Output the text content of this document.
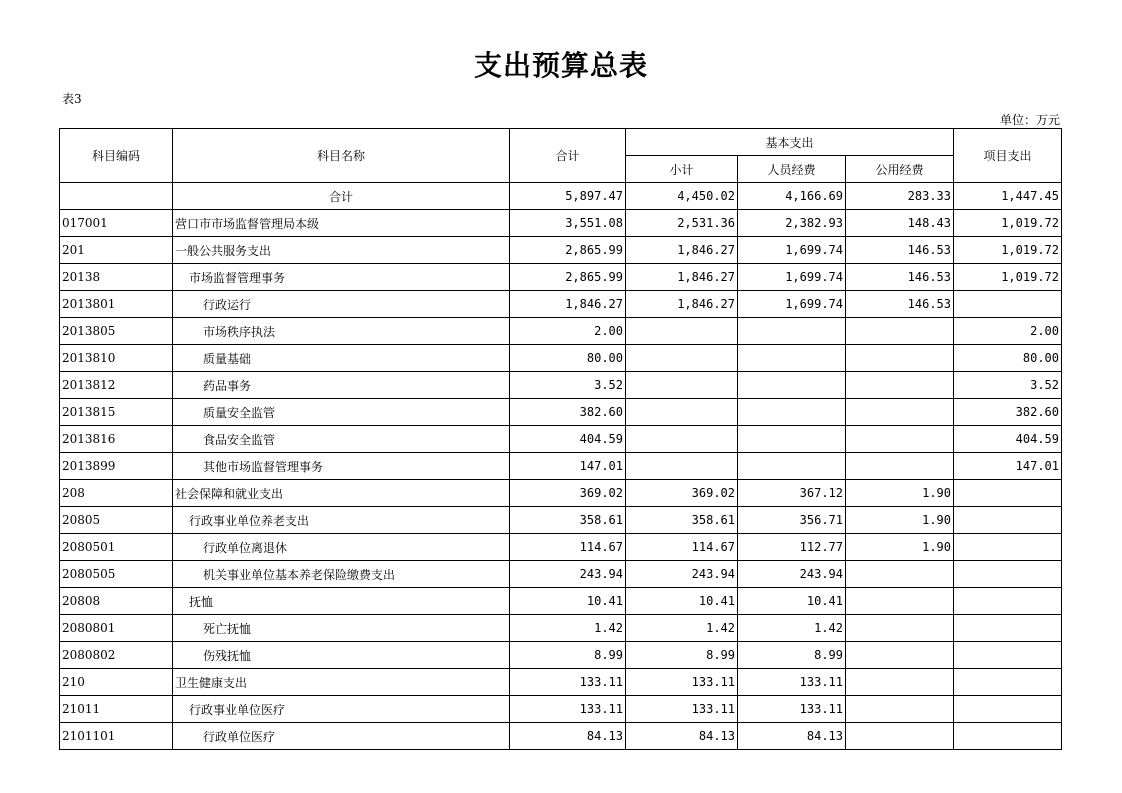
支出预算总表
表3
单位：万元
科目编码	科目名称	合计	基本支出			项目支出
			小计	人员经费	公用经费	
	合计	5,897.47	4,450.02	4,166.69	283.33	1,447.45
017001	营口市市场监督管理局本级	3,551.08	2,531.36	2,382.93	148.43	1,019.72
201	一般公共服务支出	2,865.99	1,846.27	1,699.74	146.53	1,019.72
20138	市场监督管理事务	2,865.99	1,846.27	1,699.74	146.53	1,019.72
2013801	行政运行	1,846.27	1,846.27	1,699.74	146.53	
2013805	市场秩序执法	2.00				2.00
2013810	质量基础	80.00				80.00
2013812	药品事务	3.52				3.52
2013815	质量安全监管	382.60				382.60
2013816	食品安全监管	404.59				404.59
2013899	其他市场监督管理事务	147.01				147.01
208	社会保障和就业支出	369.02	369.02	367.12	1.90	
20805	行政事业单位养老支出	358.61	358.61	356.71	1.90	
2080501	行政单位离退休	114.67	114.67	112.77	1.90	
2080505	机关事业单位基本养老保险缴费支出	243.94	243.94	243.94		
20808	抚恤	10.41	10.41	10.41		
2080801	死亡抚恤	1.42	1.42	1.42		
2080802	伤残抚恤	8.99	8.99	8.99		
210	卫生健康支出	133.11	133.11	133.11		
21011	行政事业单位医疗	133.11	133.11	133.11		
2101101	行政单位医疗	84.13	84.13	84.13		
